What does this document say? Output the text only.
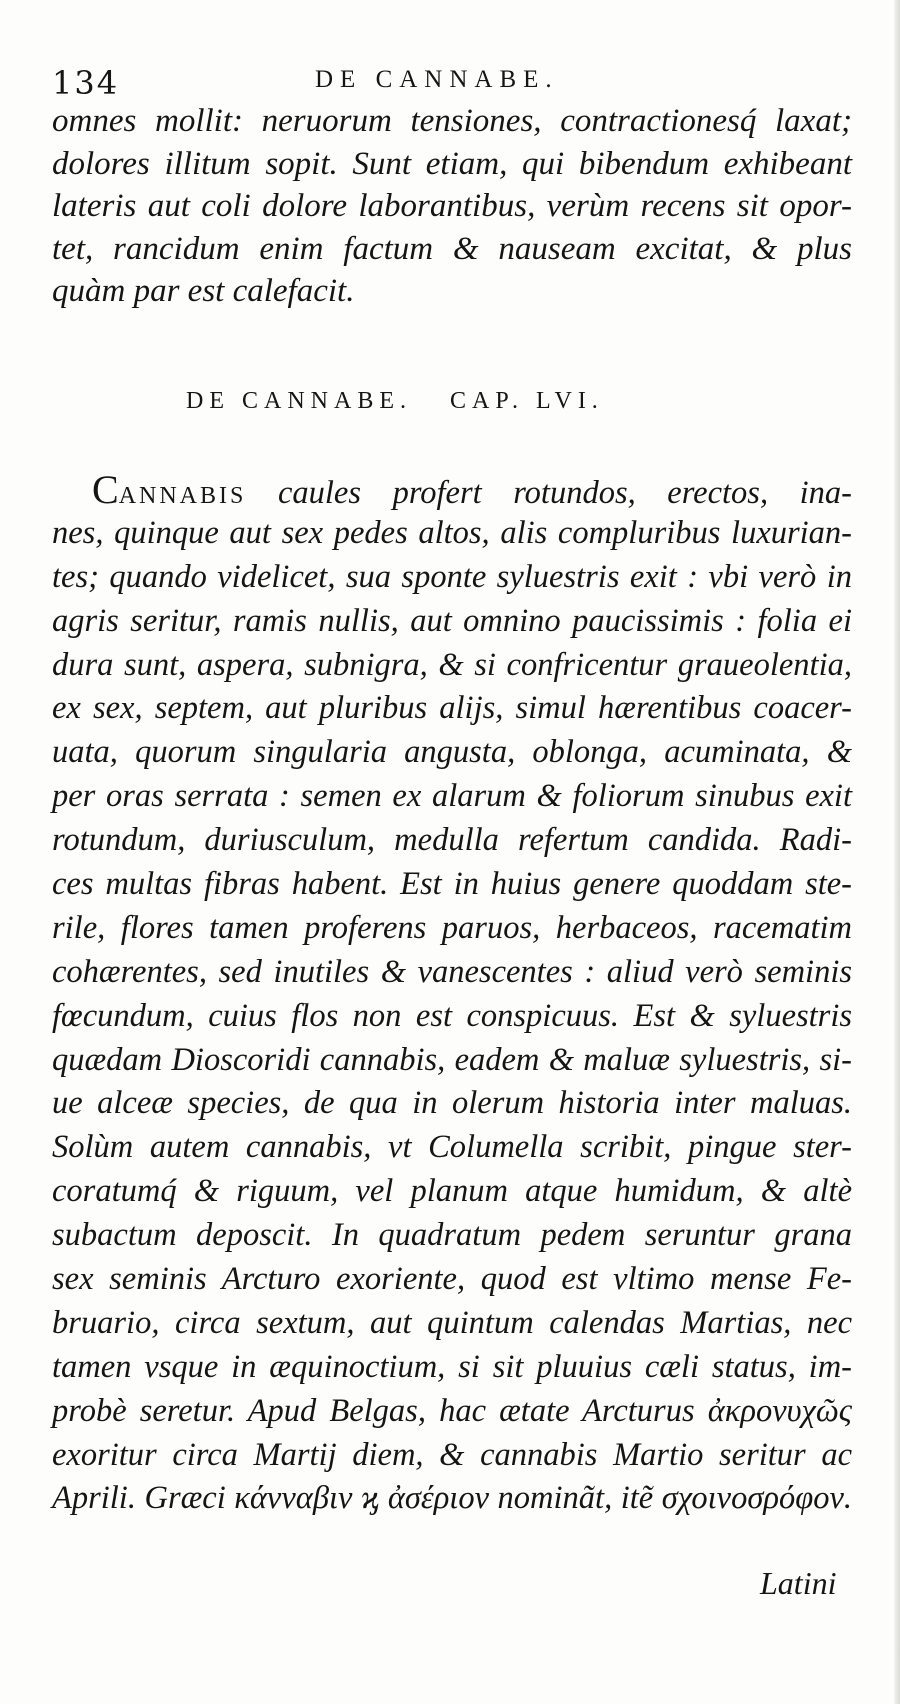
134	DE CANNABE.
omnes mollit: neruorum tensiones, contractionesq́ laxat;
dolores illitum sopit. Sunt etiam, qui bibendum exhibeant
lateris aut coli dolore laborantibus, verùm recens sit opor-
tet, rancidum enim factum & nauseam excitat, & plus
quàm par est calefacit.
DE CANNABE. CAP. LVI.
CANNABIS caules profert rotundos, erectos, ina-
nes, quinque aut sex pedes altos, alis compluribus luxurian-
tes; quando videlicet, sua sponte syluestris exit : vbi verò in
agris seritur, ramis nullis, aut omnino paucissimis : folia ei
dura sunt, aspera, subnigra, & si confricentur graueolentia,
ex sex, septem, aut pluribus alijs, simul hærentibus coacer-
uata, quorum singularia angusta, oblonga, acuminata, &
per oras serrata : semen ex alarum & foliorum sinubus exit
rotundum, duriusculum, medulla refertum candida. Radi-
ces multas fibras habent. Est in huius genere quoddam ste-
rile, flores tamen proferens paruos, herbaceos, racematim
cohærentes, sed inutiles & vanescentes : aliud verò seminis
fœcundum, cuius flos non est conspicuus. Est & syluestris
quædam Dioscoridi cannabis, eadem & maluæ syluestris, si-
ue alceæ species, de qua in olerum historia inter maluas.
Solùm autem cannabis, vt Columella scribit, pingue ster-
coratumq́ & riguum, vel planum atque humidum, & altè
subactum deposcit. In quadratum pedem seruntur grana
sex seminis Arcturo exoriente, quod est vltimo mense Fe-
bruario, circa sextum, aut quintum calendas Martias, nec
tamen vsque in æquinoctium, si sit pluuius cæli status, im-
probè seretur. Apud Belgas, hac ætate Arcturus ἀκρονυχῶς
exoritur circa Martij diem, & cannabis Martio seritur ac
Aprili. Græci κάνναβιν ϗ ἀσέριον nominãt, itẽ σχοινοσρόφον.
Latini
